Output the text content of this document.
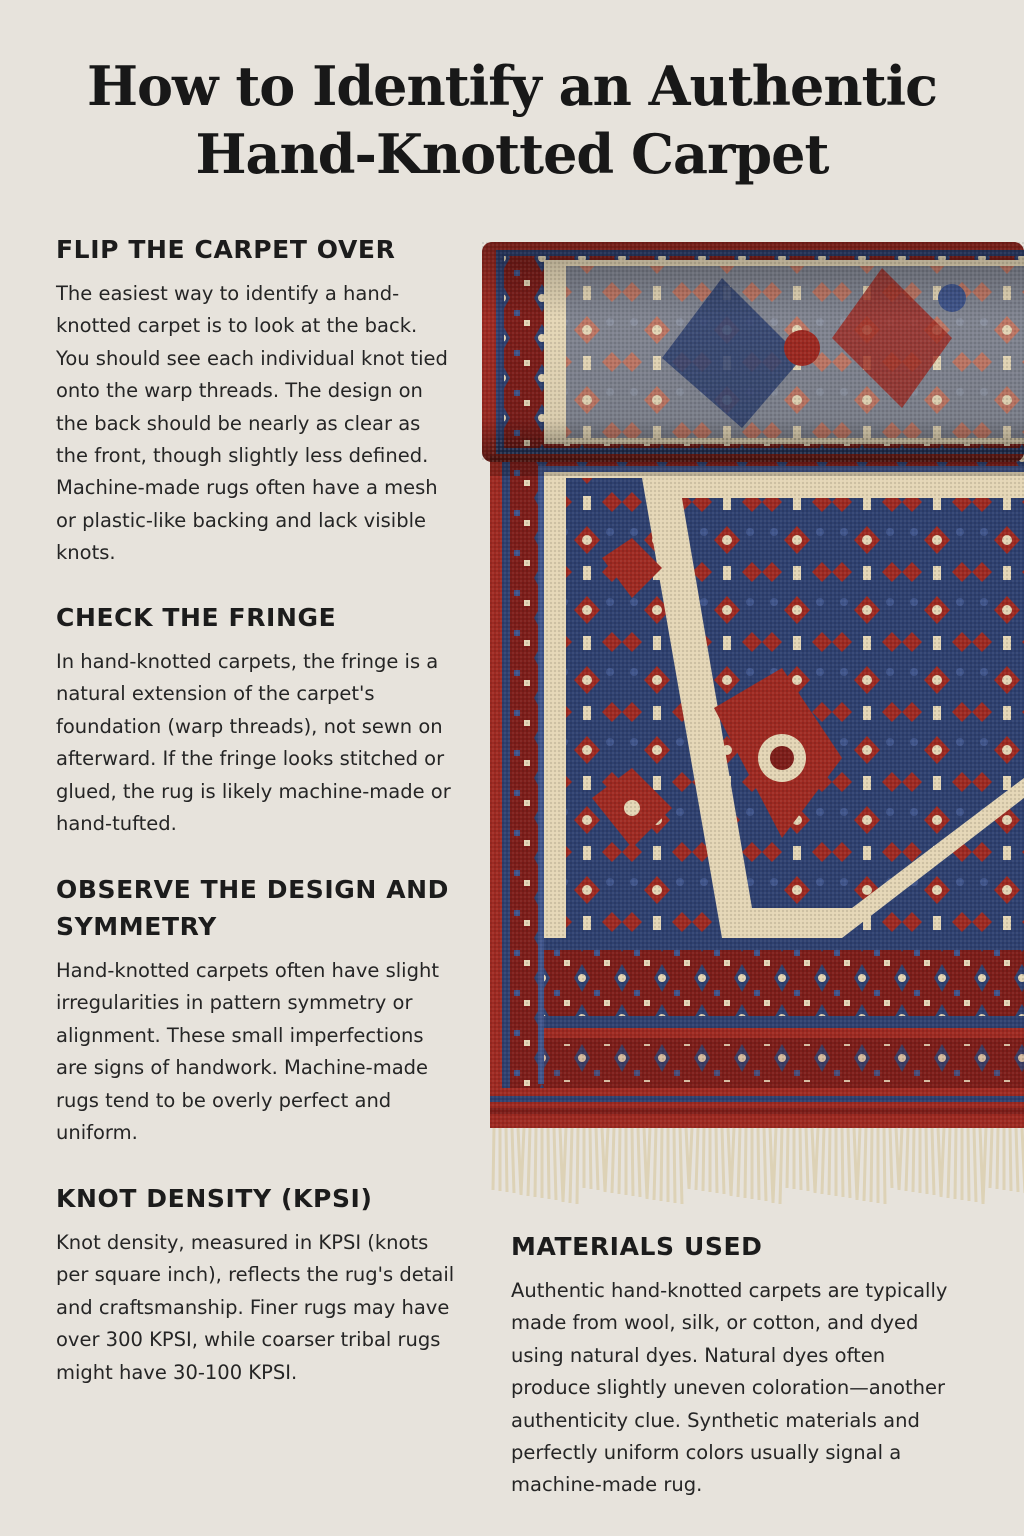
How to Identify an Authentic
Hand-Knotted Carpet
FLIP THE CARPET OVER

The easiest way to identify a hand-knotted carpet is to look at the back. You should see each individual knot tied onto the warp threads. The design on the back should be nearly as clear as the front, though slightly less defined. Machine-made rugs often have a mesh or plastic-like backing and lack visible knots.

CHECK THE FRINGE

In hand-knotted carpets, the fringe is a natural extension of the carpet's foundation (warp threads), not sewn on afterward. If the fringe looks stitched or glued, the rug is likely machine-made or hand-tufted.

OBSERVE THE DESIGN AND SYMMETRY

Hand-knotted carpets often have slight irregularities in pattern symmetry or alignment. These small imperfections are signs of handwork. Machine-made rugs tend to be overly perfect and uniform.

KNOT DENSITY (KPSI)

Knot density, measured in KPSI (knots per square inch), reflects the rug's detail and craftsmanship. Finer rugs may have over 300 KPSI, while coarser tribal rugs might have 30-100 KPSI.

MATERIALS USED

Authentic hand-knotted carpets are typically made from wool, silk, or cotton, and dyed using natural dyes. Natural dyes often produce slightly uneven coloration—another authenticity clue. Synthetic materials and perfectly uniform colors usually signal a machine-made rug.
